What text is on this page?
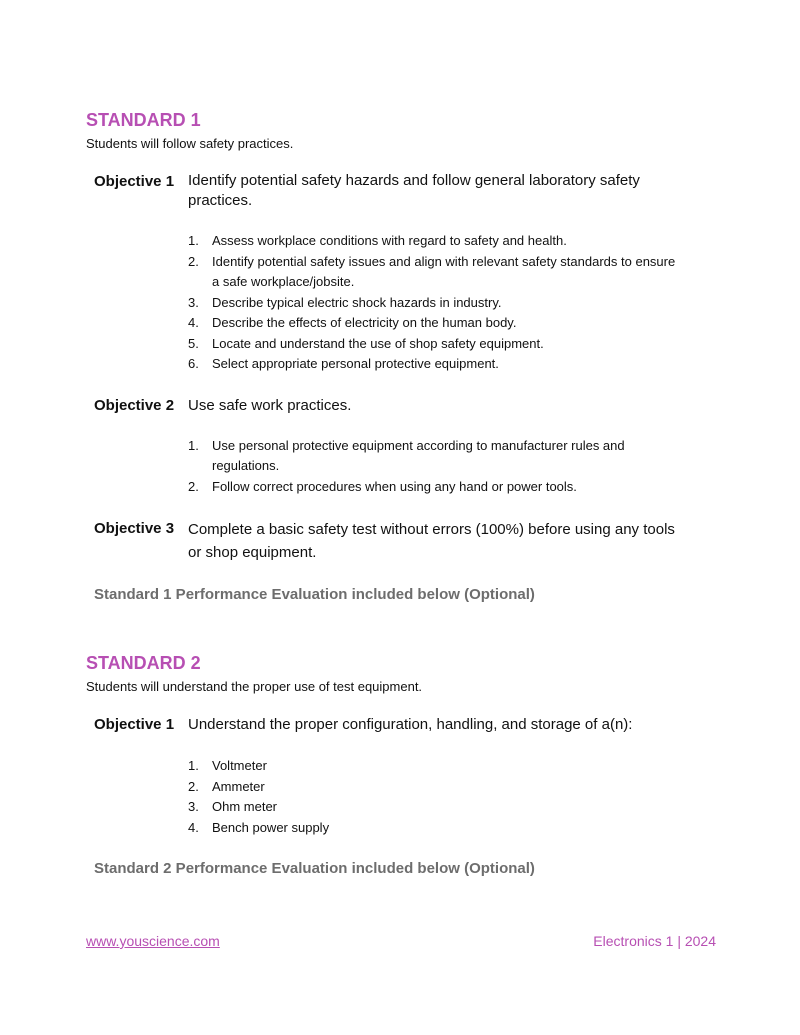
STANDARD 1

Students will follow safety practices.

Objective 1 Identify potential safety hazards and follow general laboratory safety practices.
1. Assess workplace conditions with regard to safety and health.
2. Identify potential safety issues and align with relevant safety standards to ensure a safe workplace/jobsite.
3. Describe typical electric shock hazards in industry.
4. Describe the effects of electricity on the human body.
5. Locate and understand the use of shop safety equipment.
6. Select appropriate personal protective equipment.
Objective 2 Use safe work practices.
1. Use personal protective equipment according to manufacturer rules and regulations.
2. Follow correct procedures when using any hand or power tools.
Objective 3 Complete a basic safety test without errors (100%) before using any tools or shop equipment.
Standard 1 Performance Evaluation included below (Optional)
STANDARD 2

Students will understand the proper use of test equipment.

Objective 1 Understand the proper configuration, handling, and storage of a(n):
1. Voltmeter
2. Ammeter
3. Ohm meter
4. Bench power supply
Standard 2 Performance Evaluation included below (Optional)
www.youscience.com	Electronics 1 | 2024
